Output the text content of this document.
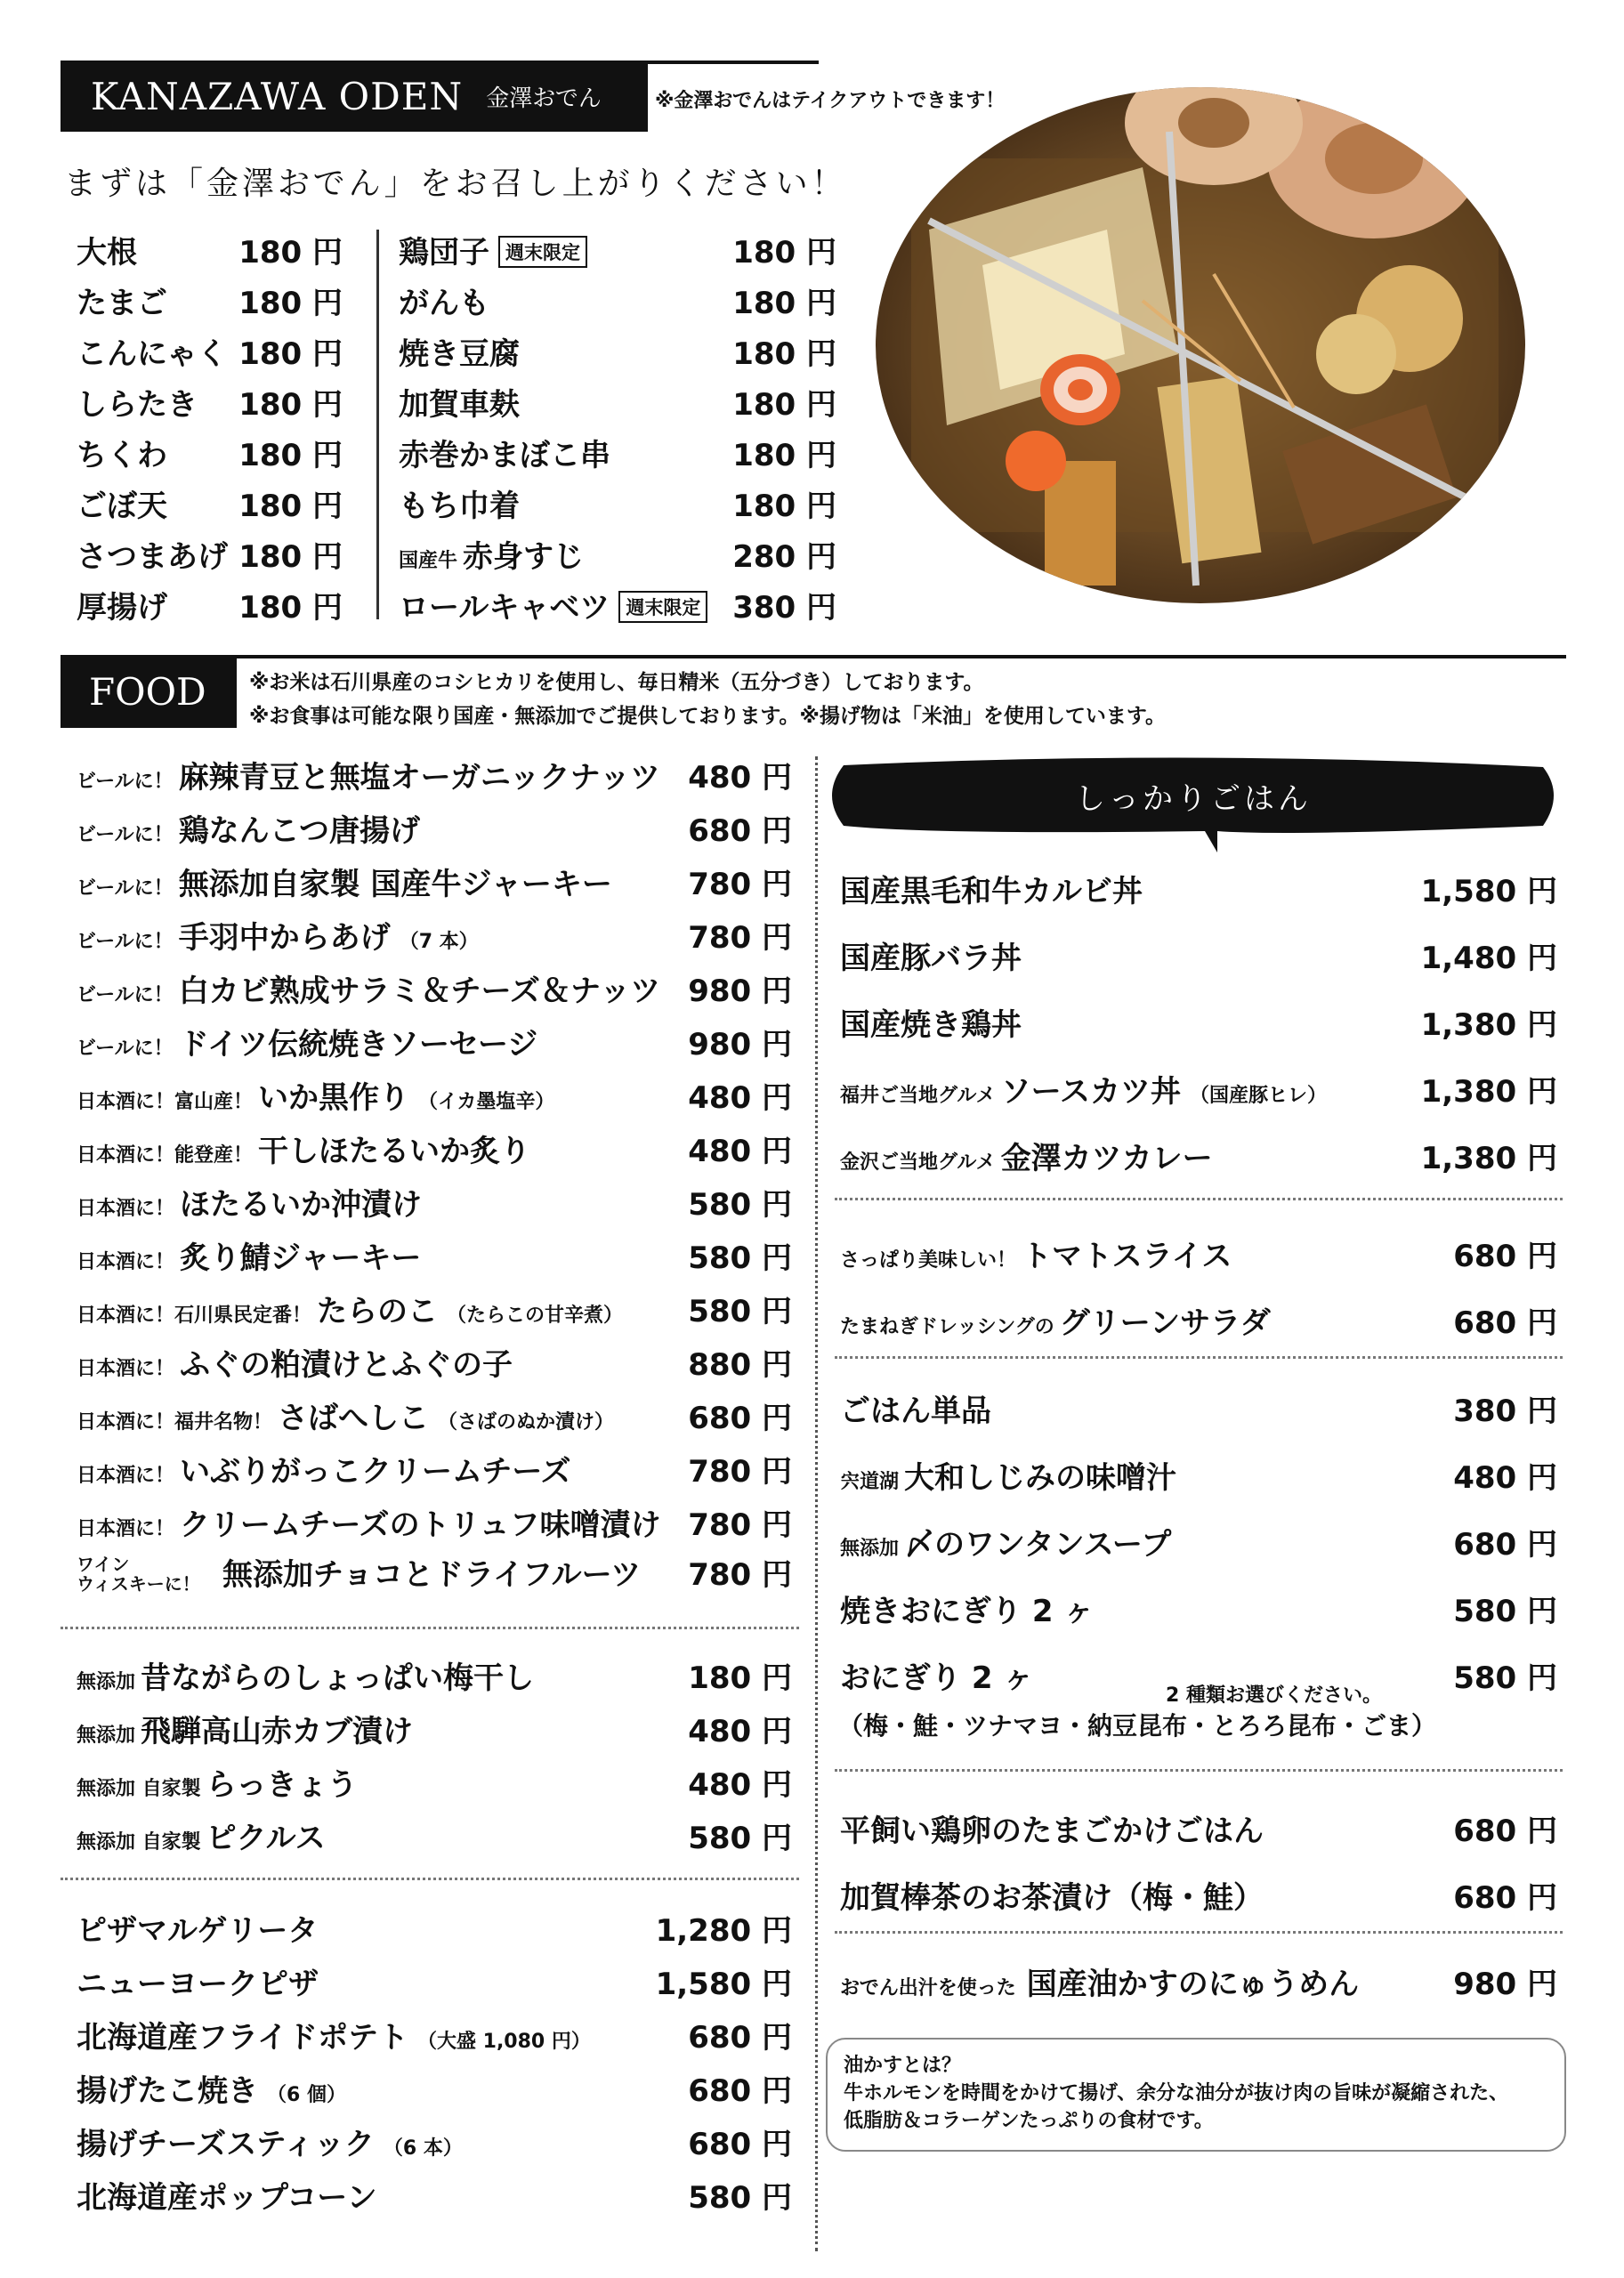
KANAZAWA ODEN 金澤おでん	※金澤おでんはテイクアウトできます！
まずは「金澤おでん」をお召し上がりください！
大根	180 円
たまご 180 円
こんにゃく 180 円
しらたき 180 円
ちくわ 180 円
ごぼ天 180 円
さつまあげ 180 円
厚揚げ 180 円
鶏団子 週末限定	180 円
がんも	180 円
焼き豆腐	180 円
加賀車麸	180 円
赤巻かまぼこ串	180 円
もち巾着	180 円
国産牛 赤身すじ	280 円
ロールキャベツ 週末限定 380 円
FOOD ※お米は石川県産のコシヒカリを使用し、毎日精米（五分づき）しております。
※お食事は可能な限り国産・無添加でご提供しております。※揚げ物は「米油」を使用しています。
ビールに！ 麻辣青豆と無塩オーガニックナッツ 480 円
ビールに！ 鶏なんこつ唐揚げ	680 円
ビールに！ 無添加自家製 国産牛ジャーキー	780 円
ビールに！ 手羽中からあげ （7 本）	780 円
ビールに！ 白カビ熟成サラミ＆チーズ＆ナッツ 980 円
ビールに！ ドイツ伝統焼きソーセージ	980 円
日本酒に！富山産！ いか黒作り （イカ墨塩辛）	480 円
日本酒に！能登産！ 干しほたるいか炙り	480 円
日本酒に！ ほたるいか沖漬け	580 円
日本酒に！ 炙り鯖ジャーキー	580 円
日本酒に！石川県民定番！ たらのこ （たらこの甘辛煮） 580 円
日本酒に！ ふぐの粕漬けとふぐの子	880 円
日本酒に！福井名物！ さばへしこ （さばのぬか漬け） 680 円
日本酒に！ いぶりがっこクリームチーズ	780 円
日本酒に！ クリームチーズのトリュフ味噌漬け 780 円
ワイン
ウィスキーに！ 無添加チョコとドライフルーツ 780 円
無添加 昔ながらのしょっぱい梅干し	180 円
無添加 飛騨高山赤カブ漬け	480 円
無添加 自家製 らっきょう	480 円
無添加 自家製 ピクルス	580 円
ピザマルゲリータ	1,280 円
ニューヨークピザ	1,580 円
北海道産フライドポテト （大盛 1,080 円）	680 円
揚げたこ焼き （6 個）	680 円
揚げチーズスティック （6 本）	680 円
北海道産ポップコーン	580 円
しっかりごはん
国産黒毛和牛カルビ丼	1,580 円
国産豚バラ丼	1,480 円
国産焼き鶏丼	1,380 円
福井ご当地グルメ ソースカツ丼 （国産豚ヒレ）	1,380 円
金沢ご当地グルメ 金澤カツカレー	1,380 円
さっぱり美味しい！ トマトスライス	680 円
たまねぎドレッシングの グリーンサラダ	680 円
ごはん単品	380 円
宍道湖 大和しじみの味噌汁	480 円
無添加 〆のワンタンスープ	680 円
焼きおにぎり 2 ヶ	580 円
おにぎり 2 ヶ	580 円
2 種類お選びください。
（梅・鮭・ツナマヨ・納豆昆布・とろろ昆布・ごま）
平飼い鶏卵のたまごかけごはん	680 円
加賀棒茶のお茶漬け（梅・鮭）	680 円
おでん出汁を使った 国産油かすのにゅうめん	980 円
油かすとは？
牛ホルモンを時間をかけて揚げ、余分な油分が抜け肉の旨味が凝縮された、
低脂肪＆コラーゲンたっぷりの食材です。
